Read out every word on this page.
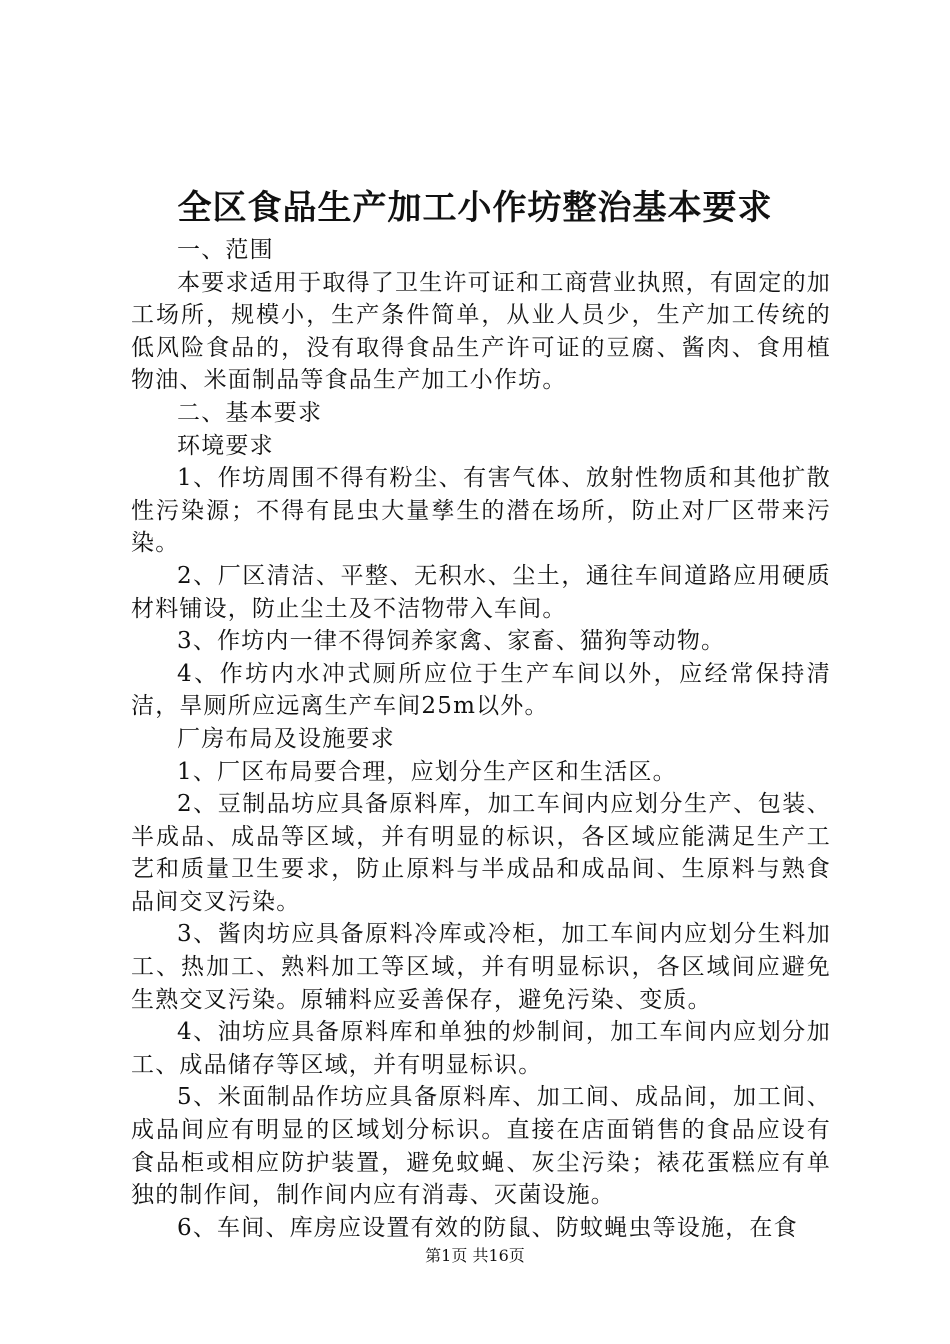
全区食品生产加工小作坊整治基本要求

一、范围

本要求适用于取得了卫生许可证和工商营业执照，有固定的加工场所，规模小，生产条件简单，从业人员少，生产加工传统的低风险食品的，没有取得食品生产许可证的豆腐、酱肉、食用植物油、米面制品等食品生产加工小作坊。

二、基本要求

环境要求

1、作坊周围不得有粉尘、有害气体、放射性物质和其他扩散性污染源；不得有昆虫大量孳生的潜在场所，防止对厂区带来污染。

2、厂区清洁、平整、无积水、尘土，通往车间道路应用硬质材料铺设，防止尘土及不洁物带入车间。

3、作坊内一律不得饲养家禽、家畜、猫狗等动物。

4、作坊内水冲式厕所应位于生产车间以外，应经常保持清洁，旱厕所应远离生产车间25m以外。

厂房布局及设施要求

1、厂区布局要合理，应划分生产区和生活区。

2、豆制品坊应具备原料库，加工车间内应划分生产、包装、半成品、成品等区域，并有明显的标识，各区域应能满足生产工艺和质量卫生要求，防止原料与半成品和成品间、生原料与熟食品间交叉污染。

3、酱肉坊应具备原料冷库或冷柜，加工车间内应划分生料加工、热加工、熟料加工等区域，并有明显标识，各区域间应避免生熟交叉污染。原辅料应妥善保存，避免污染、变质。

4、油坊应具备原料库和单独的炒制间，加工车间内应划分加工、成品储存等区域，并有明显标识。

5、米面制品作坊应具备原料库、加工间、成品间，加工间、成品间应有明显的区域划分标识。直接在店面销售的食品应设有食品柜或相应防护装置，避免蚊蝇、灰尘污染；裱花蛋糕应有单独的制作间，制作间内应有消毒、灭菌设施。

6、车间、库房应设置有效的防鼠、防蚊蝇虫等设施，在食

第1页 共16页
